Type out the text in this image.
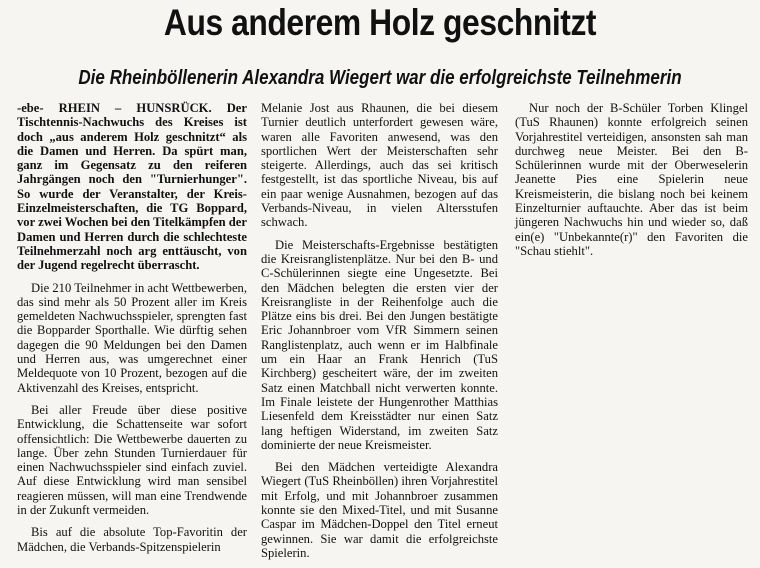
Aus anderem Holz geschnitzt
Die Rheinböllenerin Alexandra Wiegert war die erfolgreichste Teilnehmerin

-ebe- RHEIN – HUNSRÜCK. Der Tischtennis-Nachwuchs des Kreises ist doch „aus anderem Holz geschnitzt“ als die Damen und Herren. Da spürt man, ganz im Gegensatz zu den reiferen Jahrgängen noch den "Turnierhunger". So wurde der Veranstalter, der Kreis-Einzelmeisterschaften, die TG Boppard, vor zwei Wochen bei den Titelkämpfen der Damen und Herren durch die schlechteste Teilnehmerzahl noch arg enttäuscht, von der Jugend regelrecht überrascht.

Die 210 Teilnehmer in acht Wettbewerben, das sind mehr als 50 Prozent aller im Kreis gemeldeten Nachwuchsspieler, sprengten fast die Bopparder Sporthalle. Wie dürftig sehen dagegen die 90 Meldungen bei den Damen und Herren aus, was umgerechnet einer Meldequote von 10 Prozent, bezogen auf die Aktivenzahl des Kreises, entspricht.

Bei aller Freude über diese positive Entwicklung, die Schattenseite war sofort offensichtlich: Die Wettbewerbe dauerten zu lange. Über zehn Stunden Turnierdauer für einen Nachwuchsspieler sind einfach zuviel. Auf diese Entwicklung wird man sensibel reagieren müssen, will man eine Trendwende in der Zukunft vermeiden.

Bis auf die absolute Top-Favoritin der Mädchen, die Verbands-Spitzenspielerin

Melanie Jost aus Rhaunen, die bei diesem Turnier deutlich unterfordert gewesen wäre, waren alle Favoriten anwesend, was den sportlichen Wert der Meisterschaften sehr steigerte. Allerdings, auch das sei kritisch festgestellt, ist das sportliche Niveau, bis auf ein paar wenige Ausnahmen, bezogen auf das Verbands-Niveau, in vielen Altersstufen schwach.

Die Meisterschafts-Ergebnisse bestätigten die Kreisranglistenplätze. Nur bei den B- und C-Schülerinnen siegte eine Ungesetzte. Bei den Mädchen belegten die ersten vier der Kreisrangliste in der Reihenfolge auch die Plätze eins bis drei. Bei den Jungen bestätigte Eric Johannbroer vom VfR Simmern seinen Ranglistenplatz, auch wenn er im Halbfinale um ein Haar an Frank Henrich (TuS Kirchberg) gescheitert wäre, der im zweiten Satz einen Matchball nicht verwerten konnte. Im Finale leistete der Hungenrother Matthias Liesenfeld dem Kreisstädter nur einen Satz lang heftigen Widerstand, im zweiten Satz dominierte der neue Kreismeister.

Bei den Mädchen verteidigte Alexandra Wiegert (TuS Rheinböllen) ihren Vorjahrestitel mit Erfolg, und mit Johannbroer zusammen konnte sie den Mixed-Titel, und mit Susanne Caspar im Mädchen-Doppel den Titel erneut gewinnen. Sie war damit die erfolgreichste Spielerin.

Nur noch der B-Schüler Torben Klingel (TuS Rhaunen) konnte erfolgreich seinen Vorjahrestitel verteidigen, ansonsten sah man durchweg neue Meister. Bei den B-Schülerinnen wurde mit der Oberweselerin Jeanette Pies eine Spielerin neue Kreismeisterin, die bislang noch bei keinem Einzelturnier auftauchte. Aber das ist beim jüngeren Nachwuchs hin und wieder so, daß ein(e) "Unbekannte(r)" den Favoriten die "Schau stiehlt".
